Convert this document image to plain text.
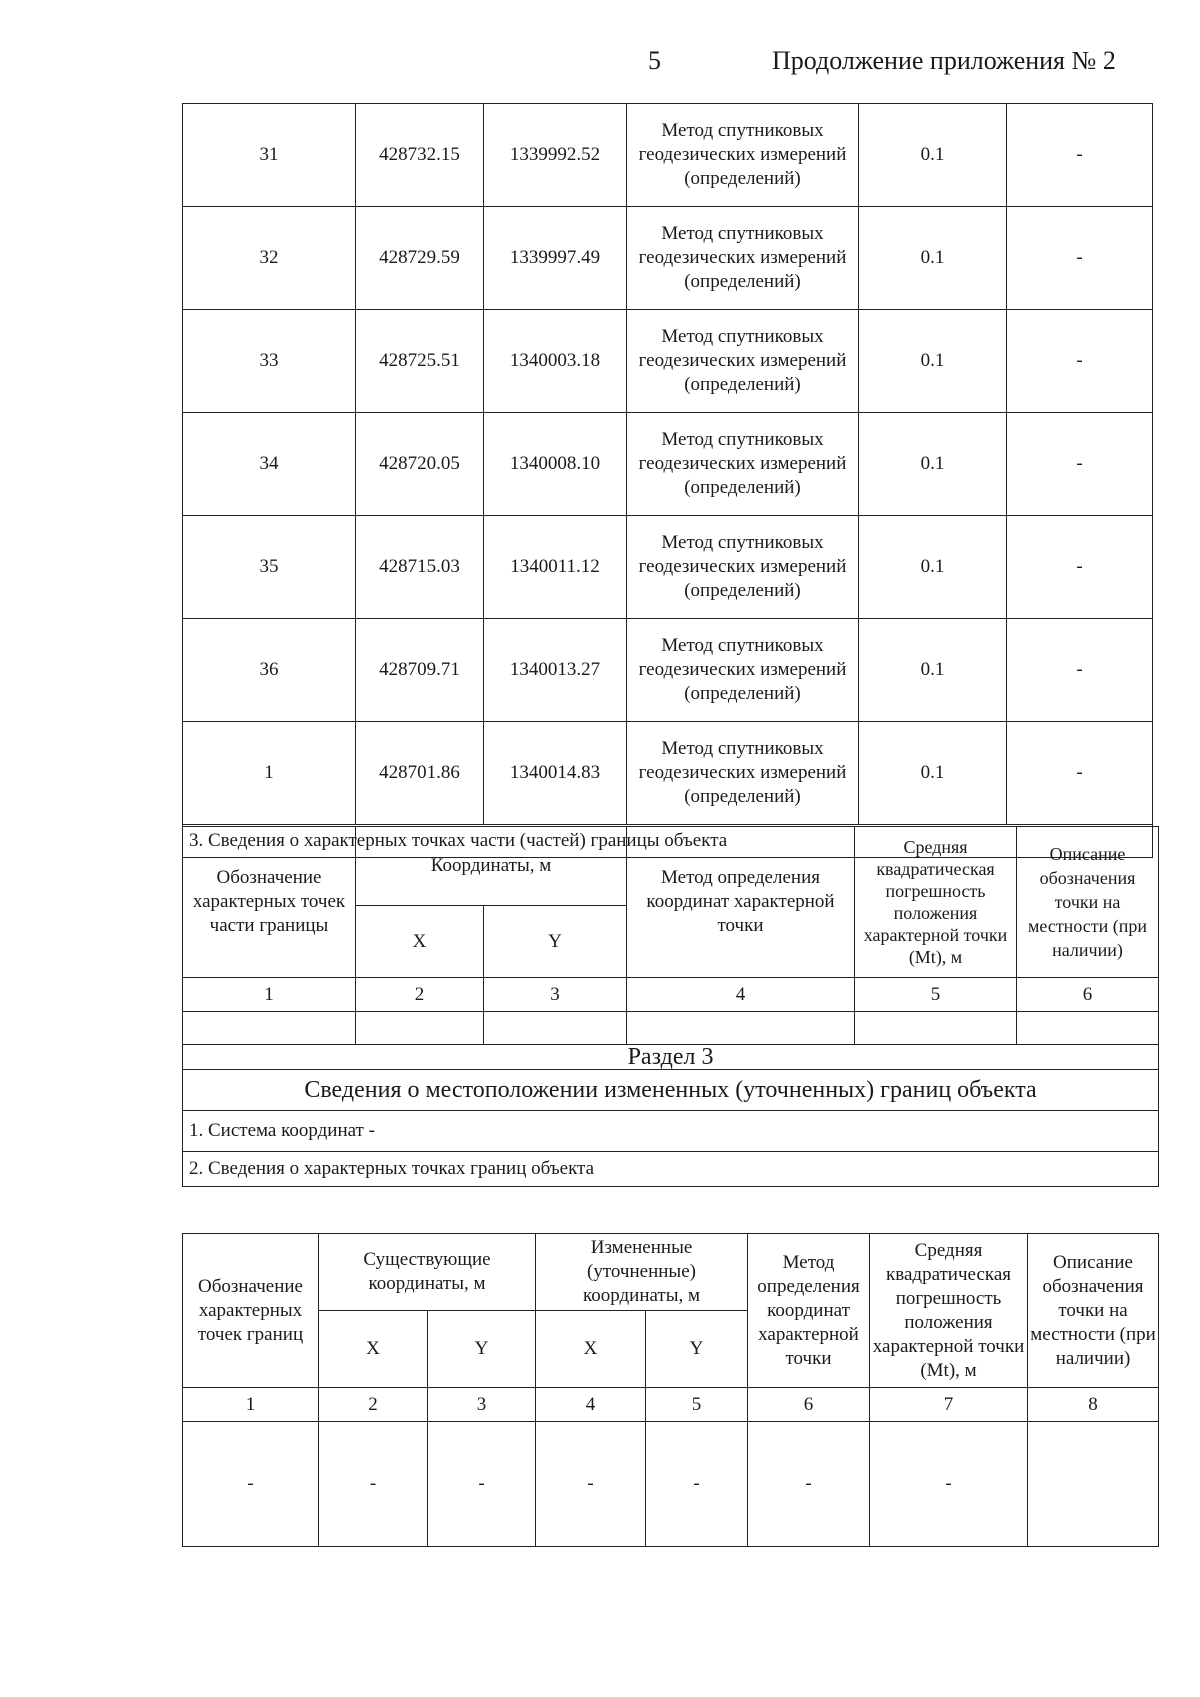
5	Продолжение приложения № 2
31	428732.15	1339992.52	Метод спутниковых геодезических измерений (определений)	0.1	-
32	428729.59	1339997.49	Метод спутниковых геодезических измерений (определений)	0.1	-
33	428725.51	1340003.18	Метод спутниковых геодезических измерений (определений)	0.1	-
34	428720.05	1340008.10	Метод спутниковых геодезических измерений (определений)	0.1	-
35	428715.03	1340011.12	Метод спутниковых геодезических измерений (определений)	0.1	-
36	428709.71	1340013.27	Метод спутниковых геодезических измерений (определений)	0.1	-
1	428701.86	1340014.83	Метод спутниковых геодезических измерений (определений)	0.1	-
3. Сведения о характерных точках части (частей) границы объекта					
Обозначение характерных точек части границы	Координаты, м		Метод определения координат характерной точки	Средняя квадратическая погрешность положения характерной точки (Mt), м	Описание обозначения точки на местности (при наличии)
	X	Y			
1	2	3	4	5	6

Раздел 3					
Сведения о местоположении измененных (уточненных) границ объекта					
1. Система координат -					
2. Сведения о характерных точках границ объекта					
Обозначение характерных точек границ	Существующие координаты, м		Измененные (уточненные) координаты, м		Метод определения координат характерной точки	Средняя квадратическая погрешность положения характерной точки (Mt), м	Описание обозначения точки на местности (при наличии)
	X	Y	X	Y			
1	2	3	4	5	6	7	8
-	-	-	-	-	-	-	
